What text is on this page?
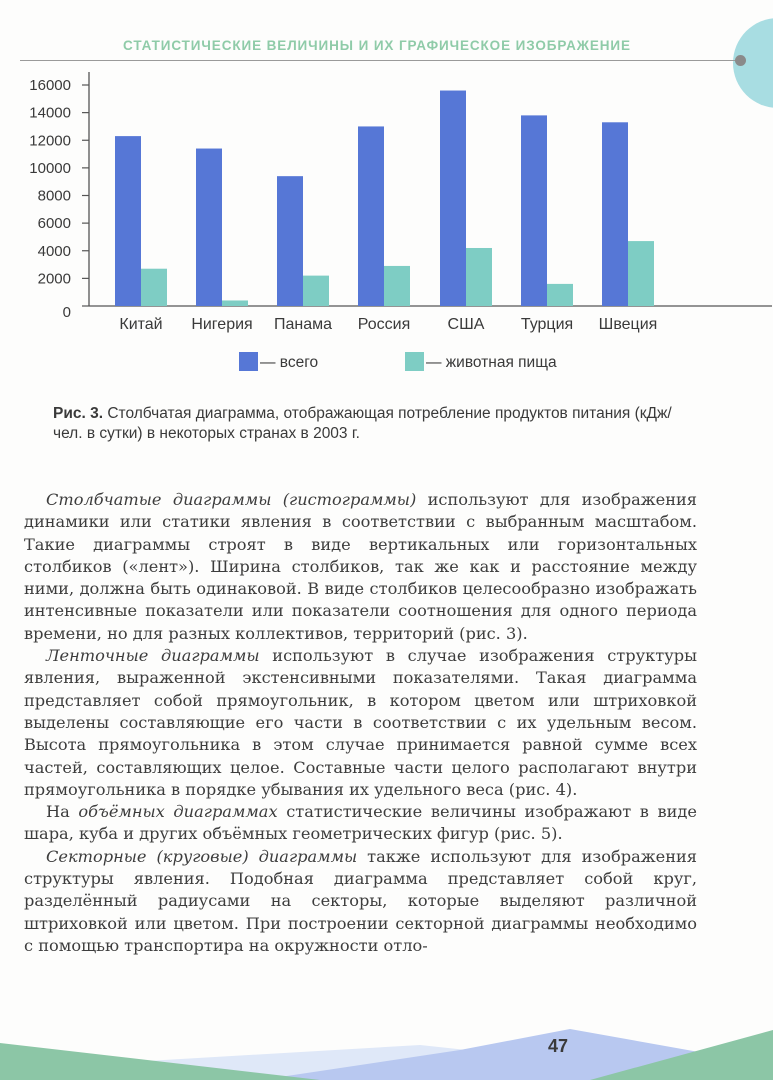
СТАТИСТИЧЕСКИЕ ВЕЛИЧИНЫ И ИХ ГРАФИЧЕСКОЕ ИЗОБРАЖЕНИЕ
0
2000
4000
6000
8000
10000
12000
14000
16000
Китай Нигерия Панама Россия США Турция Швеция
— всего	— животная пища
Рис. 3. Столбчатая диаграмма, отображающая потребление продуктов питания (кДж/чел. в сутки) в некоторых странах в 2003 г.

Столбчатые диаграммы (гистограммы) используют для изображения динамики или статики явления в соответствии с выбранным масштабом. Такие диаграммы строят в виде вертикальных или горизонтальных столбиков («лент»). Ширина столбиков, так же как и расстояние между ними, должна быть одинаковой. В виде столбиков целесообразно изображать интенсивные показатели или показатели соотношения для одного периода времени, но для разных коллективов, территорий (рис. 3).

Ленточные диаграммы используют в случае изображения структуры явления, выраженной экстенсивными показателями. Такая диаграмма представляет собой прямоугольник, в котором цветом или штриховкой выделены составляющие его части в соответствии с их удельным весом. Высота прямоугольника в этом случае принимается равной сумме всех частей, составляющих целое. Составные части целого располагают внутри прямоугольника в порядке убывания их удельного веса (рис. 4).

На объёмных диаграммах статистические величины изображают в виде шара, куба и других объёмных геометрических фигур (рис. 5).

Секторные (круговые) диаграммы также используют для изображения структуры явления. Подобная диаграмма представляет собой круг, разделённый радиусами на секторы, которые выделяют различной штриховкой или цветом. При построении секторной диаграммы необходимо с помощью транспортира на окружности отло-

47
